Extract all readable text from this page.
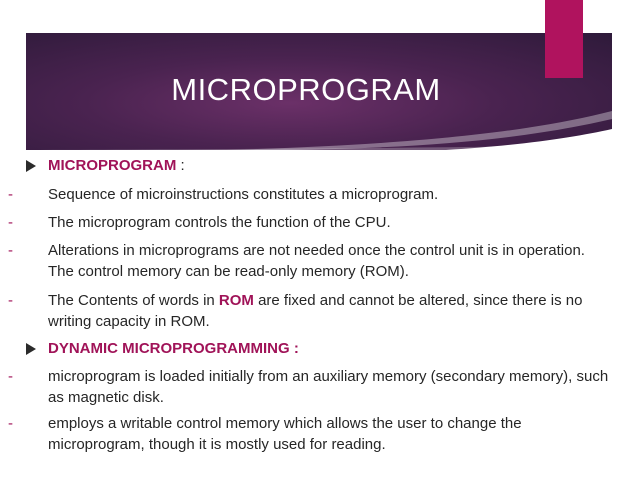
MICROPROGRAM
MICROPROGRAM :
- Sequence of microinstructions constitutes a microprogram.
- The microprogram controls the function of the CPU.
- Alterations in microprograms are not needed once the control unit is in operation. The control memory can be read-only memory (ROM).
- The Contents of words in ROM are fixed and cannot be altered, since there is no writing capacity in ROM.
DYNAMIC MICROPROGRAMMING :
- microprogram is loaded initially from an auxiliary memory (secondary memory), such as magnetic disk.
- employs a writable control memory which allows the user to change the microprogram, though it is mostly used for reading.
